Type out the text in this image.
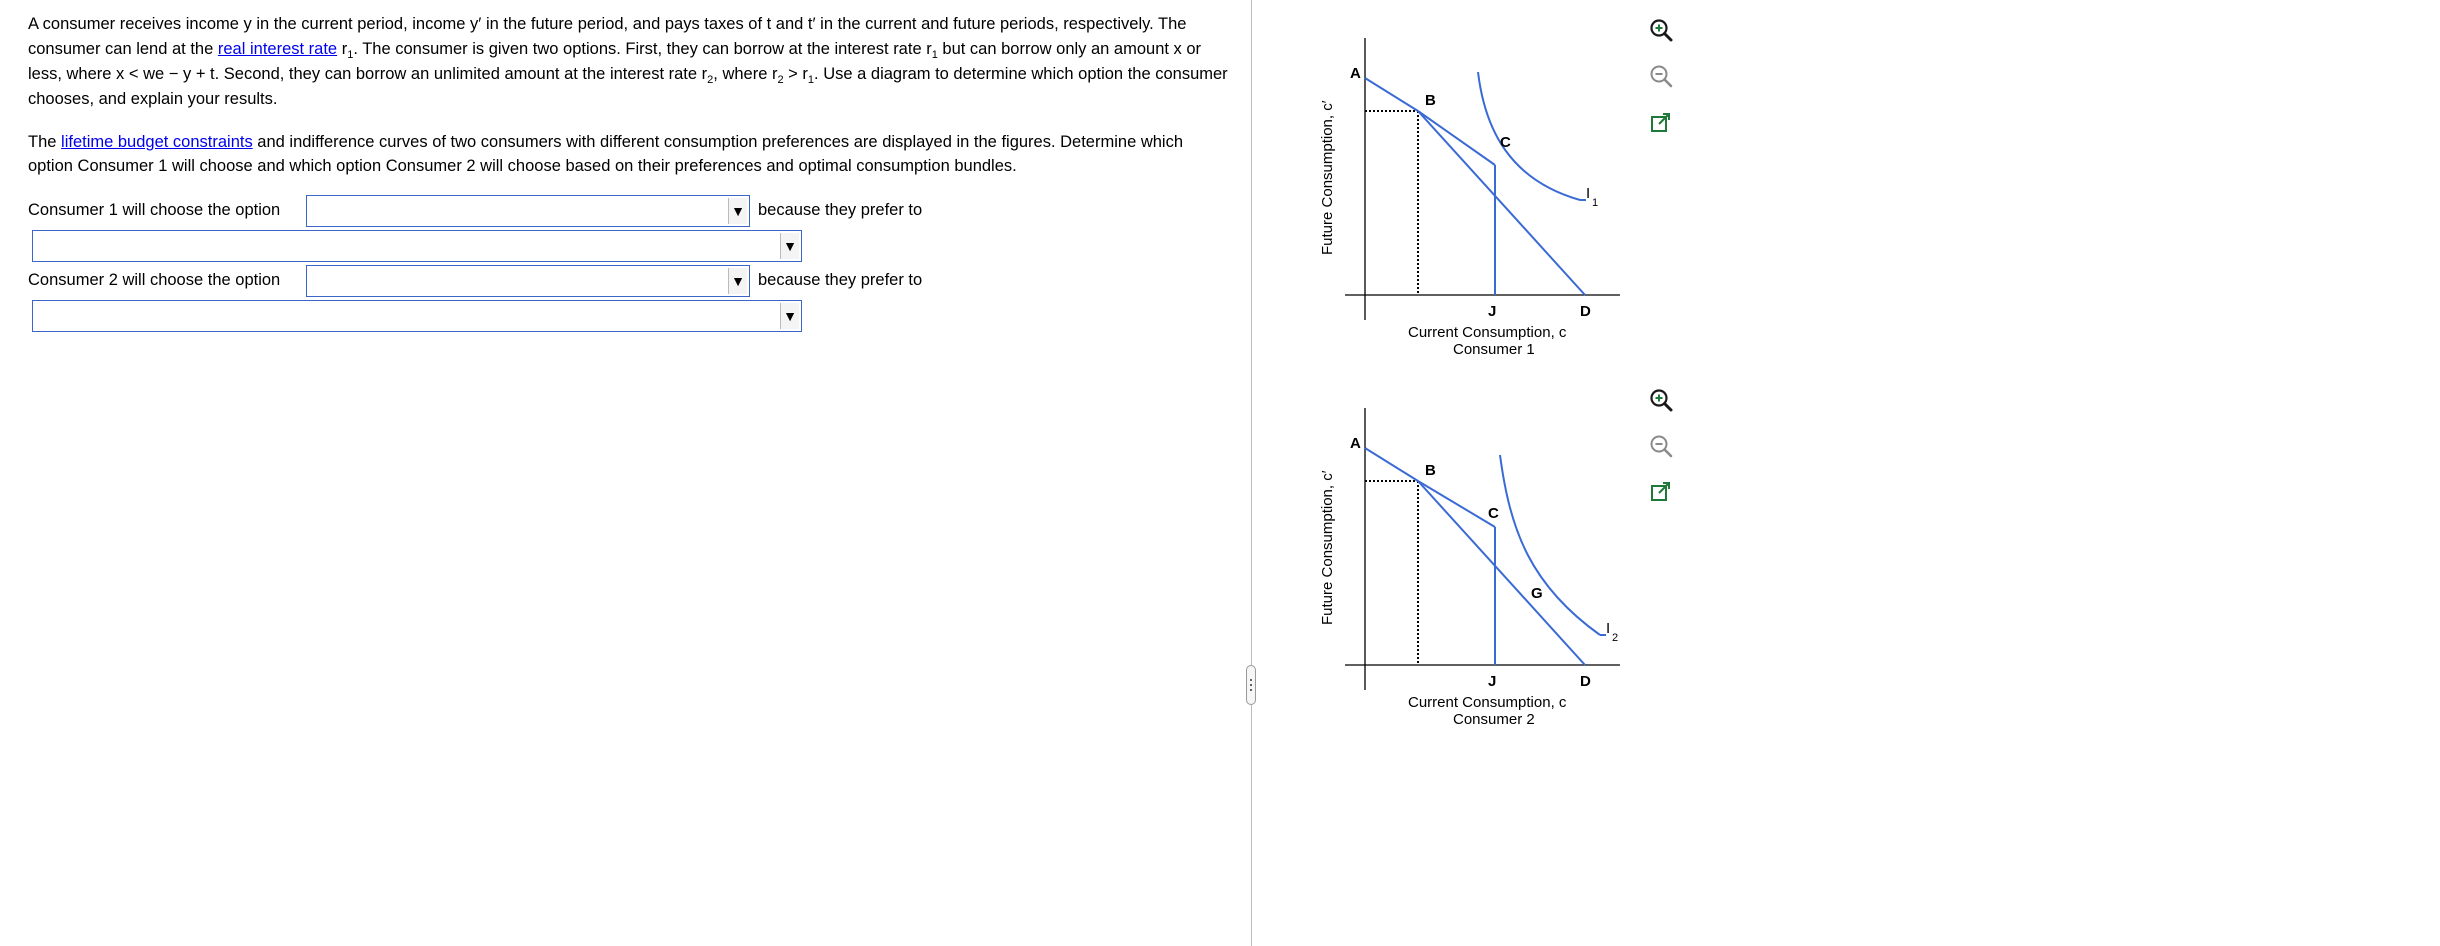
A consumer receives income y in the current period, income y′ in the future period, and pays taxes of t and t′ in the current and future periods, respectively. The consumer can lend at the real interest rate $r_1$. The consumer is given two options. First, they can borrow at the interest rate $r_1$ but can borrow only an amount x or less, where x < we − y + t. Second, they can borrow an unlimited amount at the interest rate $r_2$, where $r_2 > r_1$. Use a diagram to determine which option the consumer chooses, and explain your results.

The lifetime budget constraints and indifference curves of two consumers with different consumption preferences are displayed in the figures. Determine which option Consumer 1 will choose and which option Consumer 2 will choose based on their preferences and optimal consumption bundles.

Consumer 1 will choose the option	▼ because they prefer to
▼
Consumer 2 will choose the option	▼ because they prefer to
▼
A
B
C
J	D
I
1
Future Consumption, c′
Current Consumption, c
Consumer 1
A
B
C
G
J	D
I
2
Future Consumption, c′
Current Consumption, c
Consumer 2
